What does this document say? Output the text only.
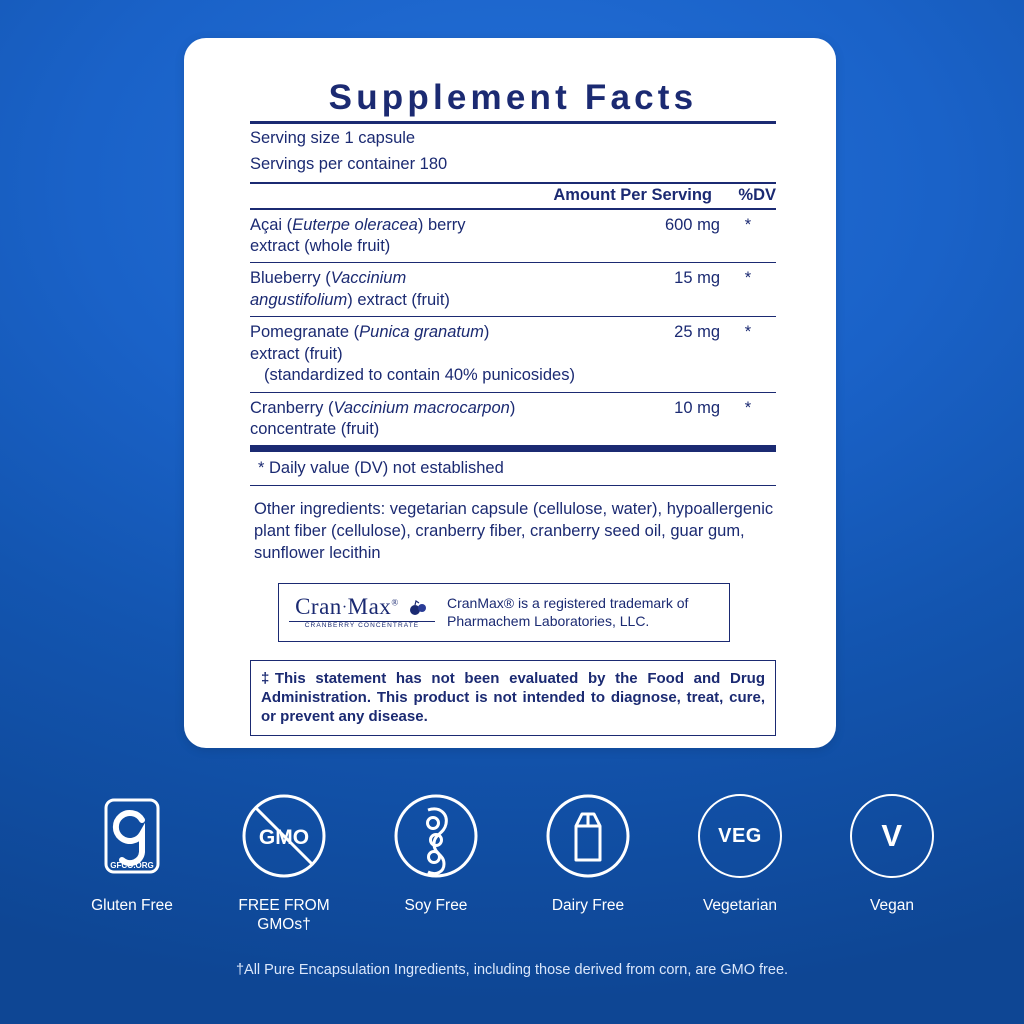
Supplement Facts
Serving size 1 capsule
Servings per container 180
Amount Per Serving	%DV
Açai (Euterpe oleracea) berry
extract (whole fruit)	600 mg	*
Blueberry (Vaccinium
angustifolium) extract (fruit)	15 mg	*
Pomegranate (Punica granatum)
extract (fruit)
(standardized to contain 40% punicosides)	25 mg	*
Cranberry (Vaccinium macrocarpon)
concentrate (fruit)	10 mg	*
* Daily value (DV) not established
Other ingredients: vegetarian capsule (cellulose, water), hypoallergenic plant fiber (cellulose), cranberry fiber, cranberry seed oil, guar gum, sunflower lecithin
Cran·Max®
CRANBERRY CONCENTRATE
CranMax® is a registered trademark of
Pharmachem Laboratories, LLC.
‡This statement has not been evaluated by the Food and Drug Administration. This product is not intended to diagnose, treat, cure, or prevent any disease.
GFCO.ORG
Gluten Free
GMO
FREE FROM GMOs†
Soy Free	Dairy Free
VEG
Vegetarian
V
Vegan
†All Pure Encapsulation Ingredients, including those derived from corn, are GMO free.
